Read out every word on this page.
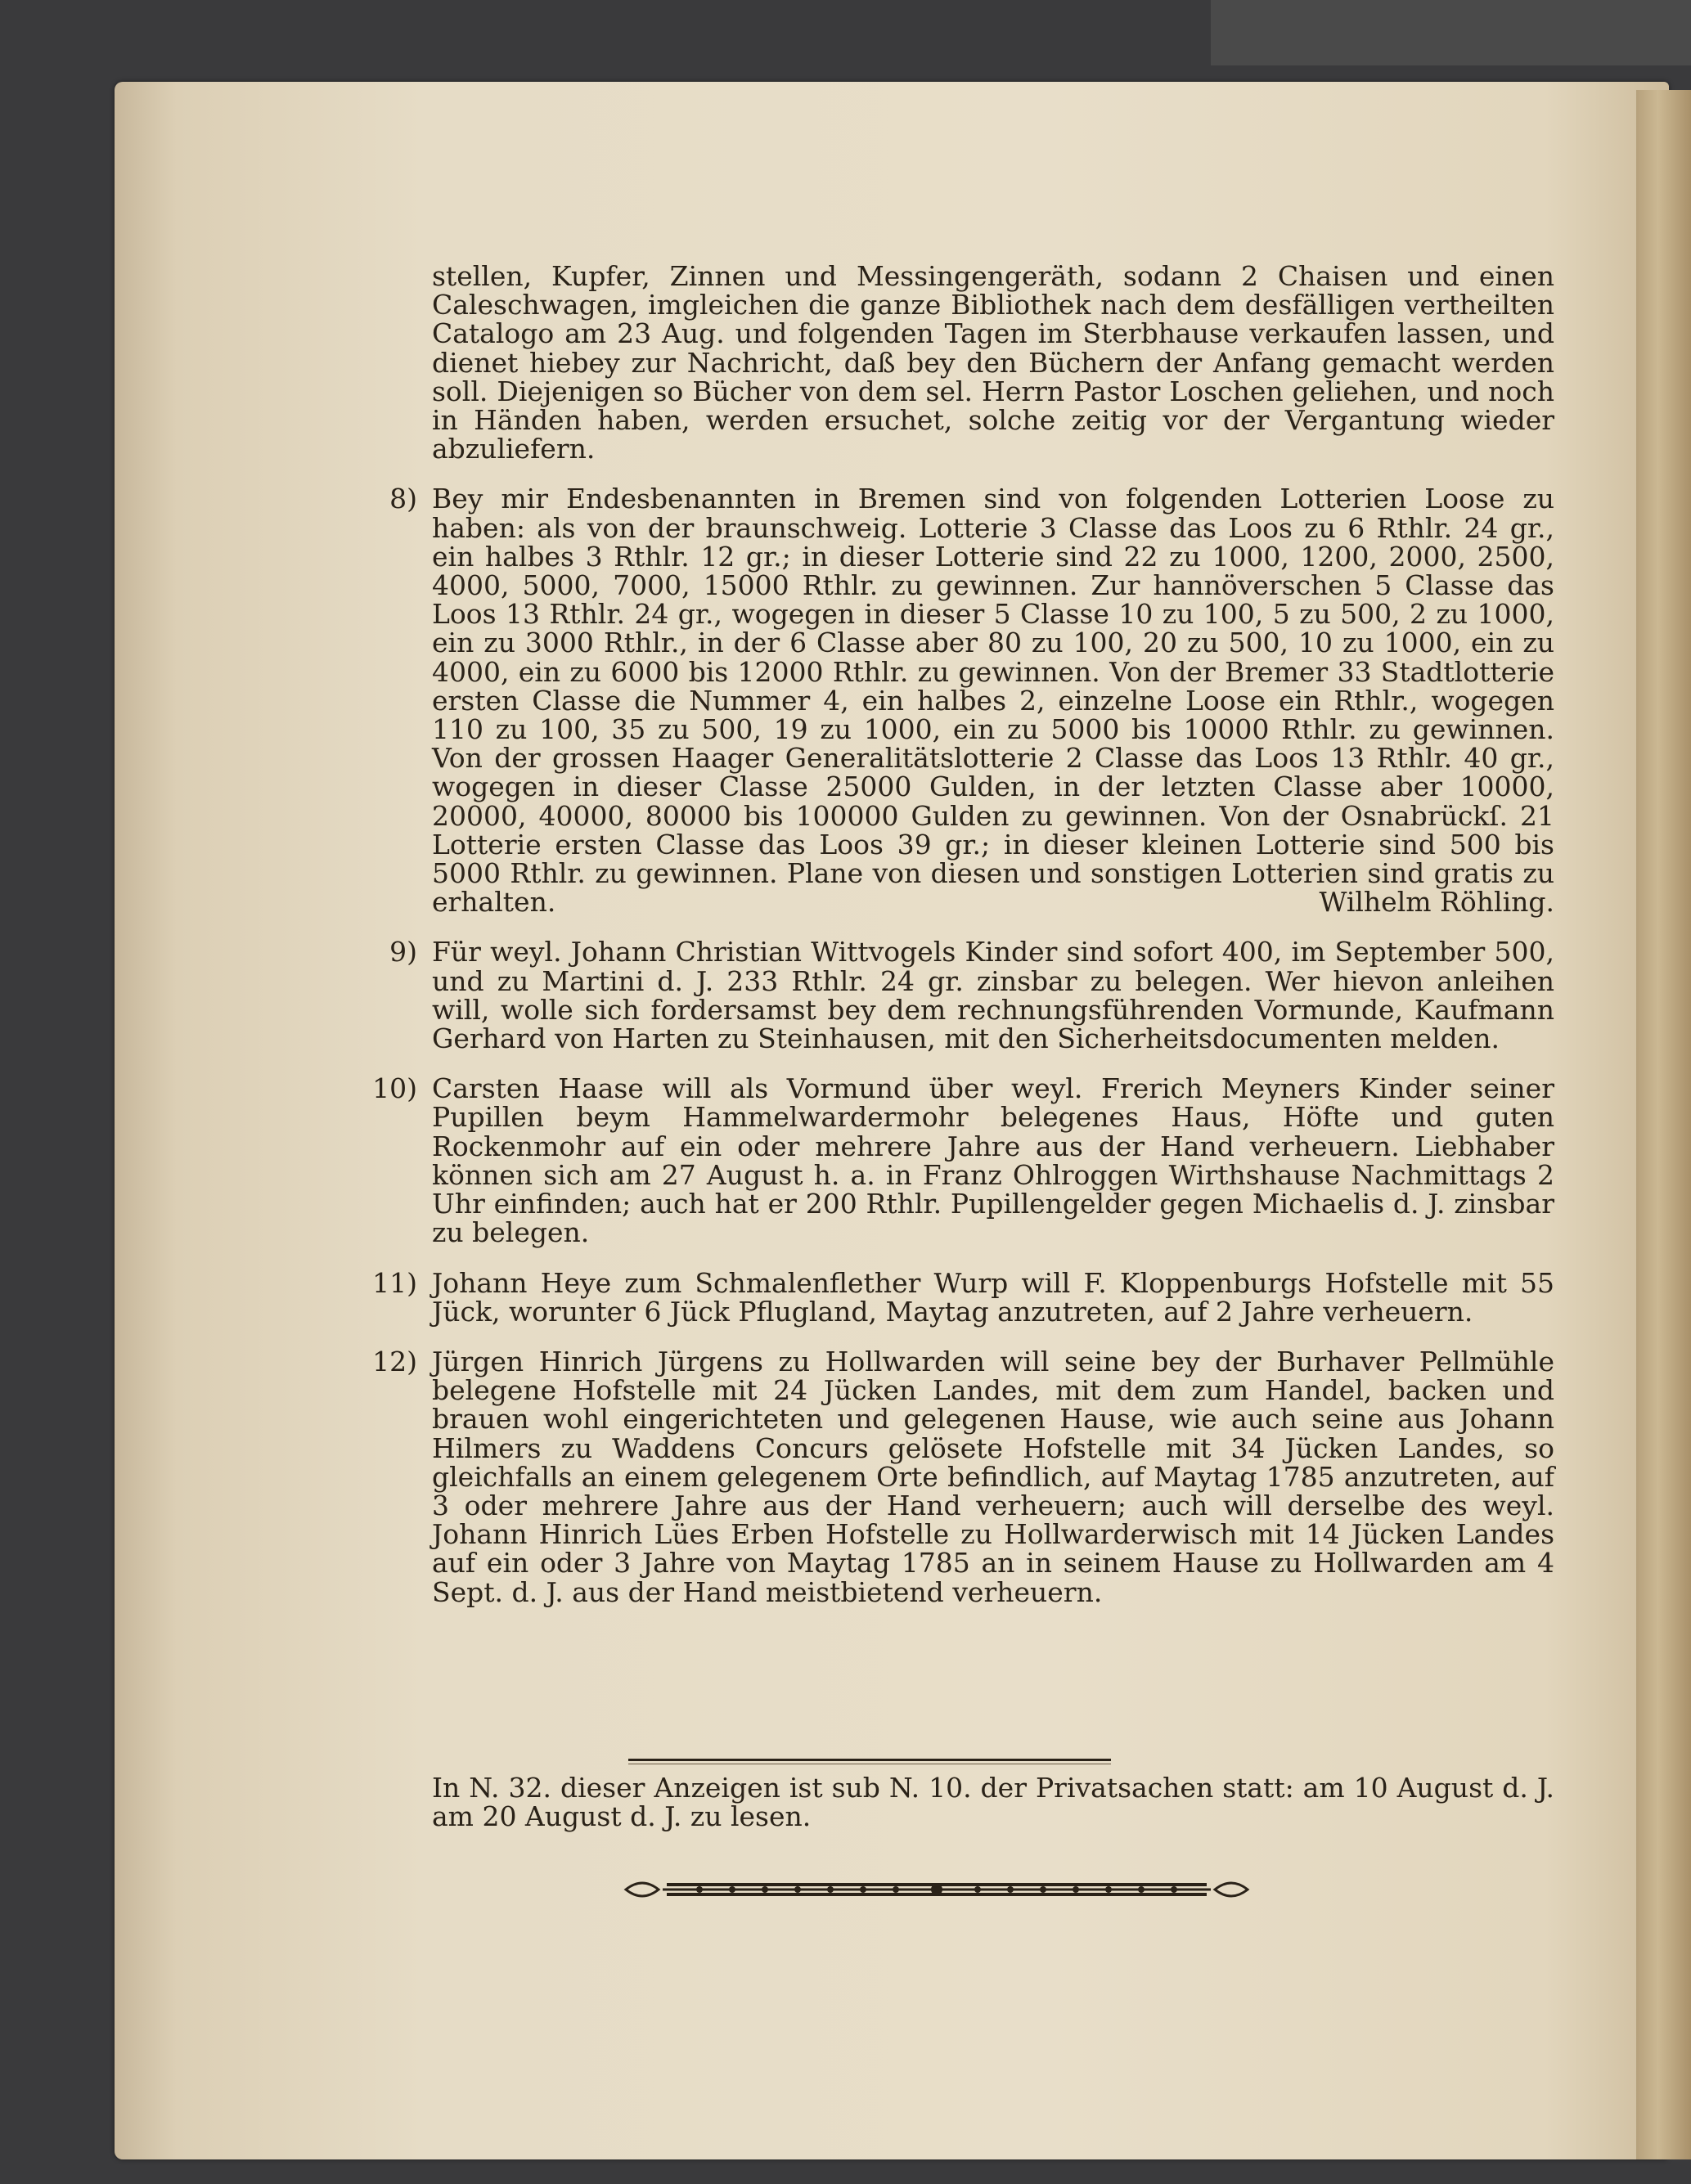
stellen, Kupfer, Zinnen und Messingengeräth, sodann 2 Chaisen und einen Caleschwagen, imgleichen die ganze Bibliothek nach dem desfälligen vertheilten Catalogo am 23 Aug. und folgenden Tagen im Sterbhause verkaufen lassen, und dienet hiebey zur Nachricht, daß bey den Büchern der Anfang gemacht werden soll. Diejenigen so Bücher von dem sel. Herrn Pastor Loschen geliehen, und noch in Händen haben, werden ersuchet, solche zeitig vor der Vergantung wieder abzuliefern.

8) Bey mir Endesbenannten in Bremen sind von folgenden Lotterien Loose zu haben: als von der braunschweig. Lotterie 3 Classe das Loos zu 6 Rthlr. 24 gr., ein halbes 3 Rthlr. 12 gr.; in dieser Lotterie sind 22 zu 1000, 1200, 2000, 2500, 4000, 5000, 7000, 15000 Rthlr. zu gewinnen. Zur hannöverschen 5 Classe das Loos 13 Rthlr. 24 gr., wogegen in dieser 5 Classe 10 zu 100, 5 zu 500, 2 zu 1000, ein zu 3000 Rthlr., in der 6 Classe aber 80 zu 100, 20 zu 500, 10 zu 1000, ein zu 4000, ein zu 6000 bis 12000 Rthlr. zu gewinnen. Von der Bremer 33 Stadtlotterie ersten Classe die Nummer 4, ein halbes 2, einzelne Loose ein Rthlr., wogegen 110 zu 100, 35 zu 500, 19 zu 1000, ein zu 5000 bis 10000 Rthlr. zu gewinnen. Von der grossen Haager Generalitätslotterie 2 Classe das Loos 13 Rthlr. 40 gr., wogegen in dieser Classe 25000 Gulden, in der letzten Classe aber 10000, 20000, 40000, 80000 bis 100000 Gulden zu gewinnen. Von der Osnabrückſ. 21 Lotterie ersten Classe das Loos 39 gr.; in dieser kleinen Lotterie sind 500 bis 5000 Rthlr. zu gewinnen. Plane von diesen und sonstigen Lotterien sind gratis zu erhalten.	Wilhelm Röhling.

9) Für weyl. Johann Christian Wittvogels Kinder sind sofort 400, im September 500, und zu Martini d. J. 233 Rthlr. 24 gr. zinsbar zu belegen. Wer hievon anleihen will, wolle sich fordersamst bey dem rechnungsführenden Vormunde, Kaufmann Gerhard von Harten zu Steinhausen, mit den Sicherheitsdocumenten melden.

10) Carsten Haase will als Vormund über weyl. Frerich Meyners Kinder seiner Pupillen beym Hammelwardermohr belegenes Haus, Höfte und guten Rockenmohr auf ein oder mehrere Jahre aus der Hand verheuern. Liebhaber können sich am 27 August h. a. in Franz Ohlroggen Wirthshause Nachmittags 2 Uhr einfinden; auch hat er 200 Rthlr. Pupillengelder gegen Michaelis d. J. zinsbar zu belegen.

11) Johann Heye zum Schmalenflether Wurp will F. Kloppenburgs Hofstelle mit 55 Jück, worunter 6 Jück Pflugland, Maytag anzutreten, auf 2 Jahre verheuern.

12) Jürgen Hinrich Jürgens zu Hollwarden will seine bey der Burhaver Pellmühle belegene Hofstelle mit 24 Jücken Landes, mit dem zum Handel, backen und brauen wohl eingerichteten und gelegenen Hause, wie auch seine aus Johann Hilmers zu Waddens Concurs gelösete Hofstelle mit 34 Jücken Landes, so gleichfalls an einem gelegenem Orte befindlich, auf Maytag 1785 anzutreten, auf 3 oder mehrere Jahre aus der Hand verheuern; auch will derselbe des weyl. Johann Hinrich Lües Erben Hofstelle zu Hollwarderwisch mit 14 Jücken Landes auf ein oder 3 Jahre von Maytag 1785 an in seinem Hause zu Hollwarden am 4 Sept. d. J. aus der Hand meistbietend verheuern.

In N. 32. dieser Anzeigen ist sub N. 10. der Privatsachen statt: am 10 August d. J. am 20 August d. J. zu lesen.
